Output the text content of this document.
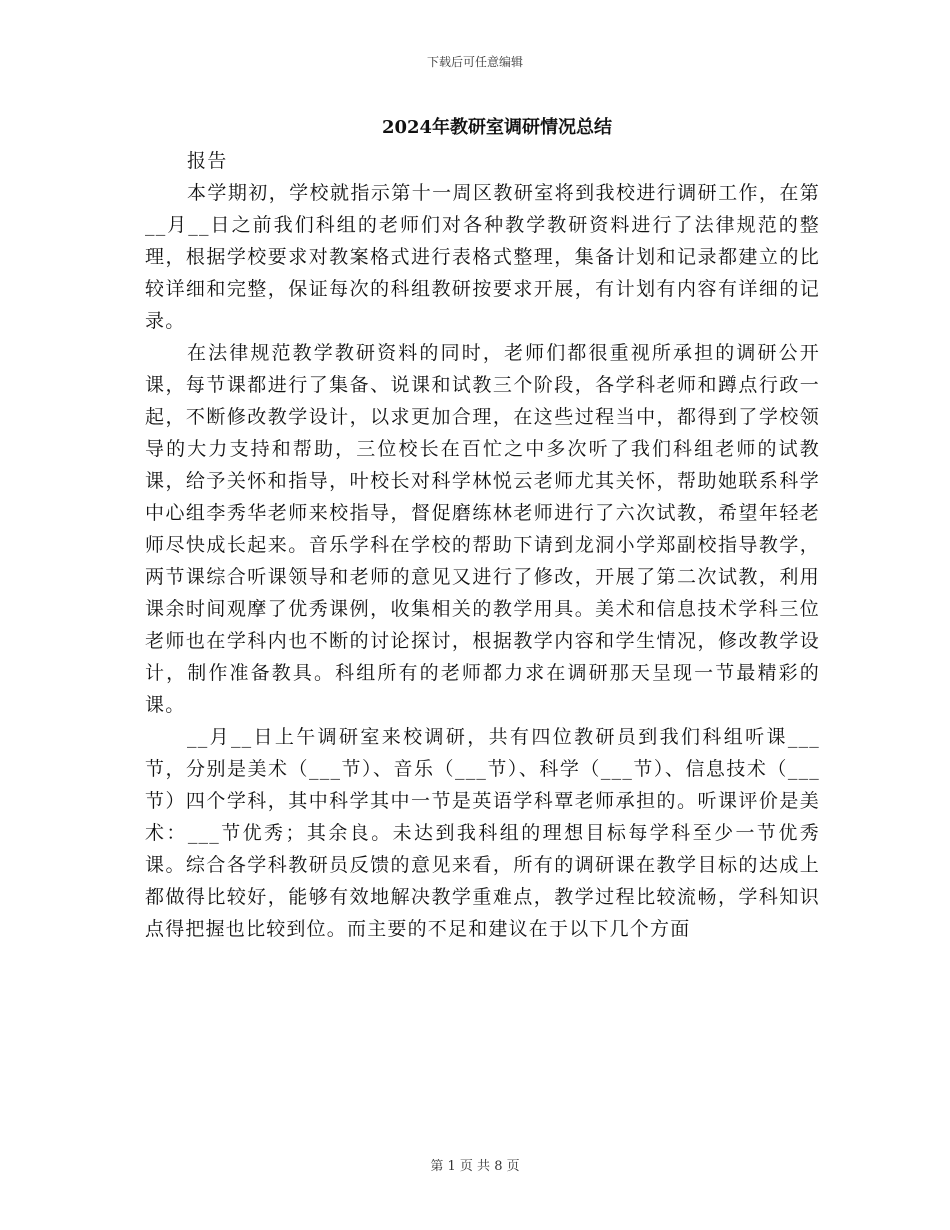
下载后可任意编辑
2024年教研室调研情况总结
报告

本学期初，学校就指示第十一周区教研室将到我校进行调研工作，在第__月__日之前我们科组的老师们对各种教学教研资料进行了法律规范的整理，根据学校要求对教案格式进行表格式整理，集备计划和记录都建立的比较详细和完整，保证每次的科组教研按要求开展，有计划有内容有详细的记录。

在法律规范教学教研资料的同时，老师们都很重视所承担的调研公开课，每节课都进行了集备、说课和试教三个阶段，各学科老师和蹲点行政一起，不断修改教学设计，以求更加合理，在这些过程当中，都得到了学校领导的大力支持和帮助，三位校长在百忙之中多次听了我们科组老师的试教课，给予关怀和指导，叶校长对科学林悦云老师尤其关怀，帮助她联系科学中心组李秀华老师来校指导，督促磨练林老师进行了六次试教，希望年轻老师尽快成长起来。音乐学科在学校的帮助下请到龙洞小学郑副校指导教学，两节课综合听课领导和老师的意见又进行了修改，开展了第二次试教，利用课余时间观摩了优秀课例，收集相关的教学用具。美术和信息技术学科三位老师也在学科内也不断的讨论探讨，根据教学内容和学生情况，修改教学设计，制作准备教具。科组所有的老师都力求在调研那天呈现一节最精彩的课。

__月__日上午调研室来校调研，共有四位教研员到我们科组听课___节，分别是美术（___节）、音乐（___节）、科学（___节）、信息技术（___节）四个学科，其中科学其中一节是英语学科覃老师承担的。听课评价是美术：___节优秀；其余良。未达到我科组的理想目标每学科至少一节优秀课。综合各学科教研员反馈的意见来看，所有的调研课在教学目标的达成上都做得比较好，能够有效地解决教学重难点，教学过程比较流畅，学科知识点得把握也比较到位。而主要的不足和建议在于以下几个方面

第 1 页 共 8 页
